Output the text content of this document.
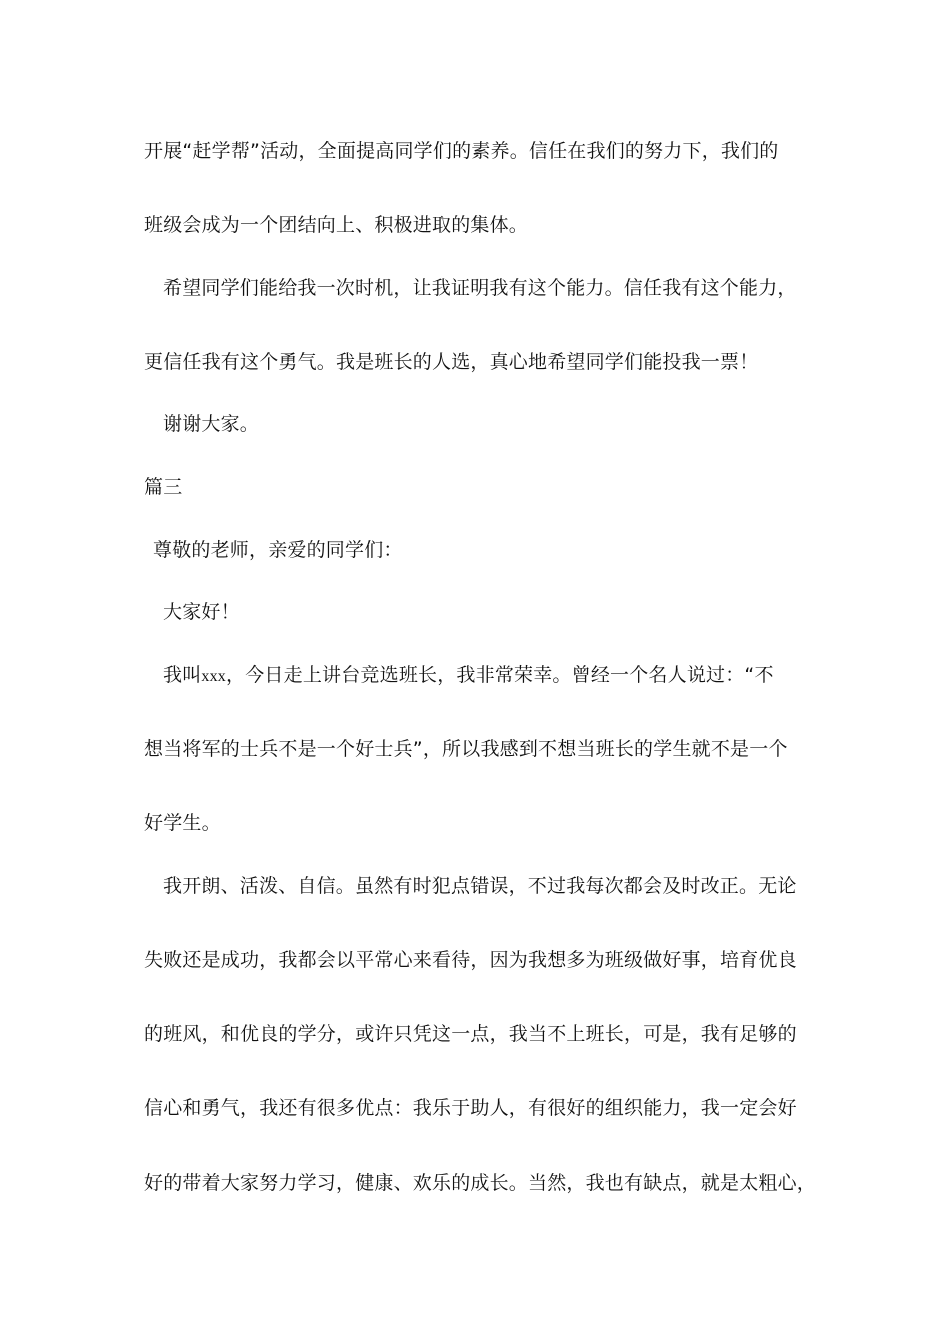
开展“赶学帮”活动，全面提高同学们的素养。信任在我们的努力下，我们的
班级会成为一个团结向上、积极进取的集体。
希望同学们能给我一次时机，让我证明我有这个能力。信任我有这个能力，
更信任我有这个勇气。我是班长的人选，真心地希望同学们能投我一票！
谢谢大家。
篇三
尊敬的老师，亲爱的同学们：
大家好！
我叫xxx，今日走上讲台竞选班长，我非常荣幸。曾经一个名人说过：“不
想当将军的士兵不是一个好士兵”，所以我感到不想当班长的学生就不是一个
好学生。
我开朗、活泼、自信。虽然有时犯点错误，不过我每次都会及时改正。无论
失败还是成功，我都会以平常心来看待，因为我想多为班级做好事，培育优良
的班风，和优良的学分，或许只凭这一点，我当不上班长，可是，我有足够的
信心和勇气，我还有很多优点：我乐于助人，有很好的组织能力，我一定会好
好的带着大家努力学习，健康、欢乐的成长。当然，我也有缺点，就是太粗心，
